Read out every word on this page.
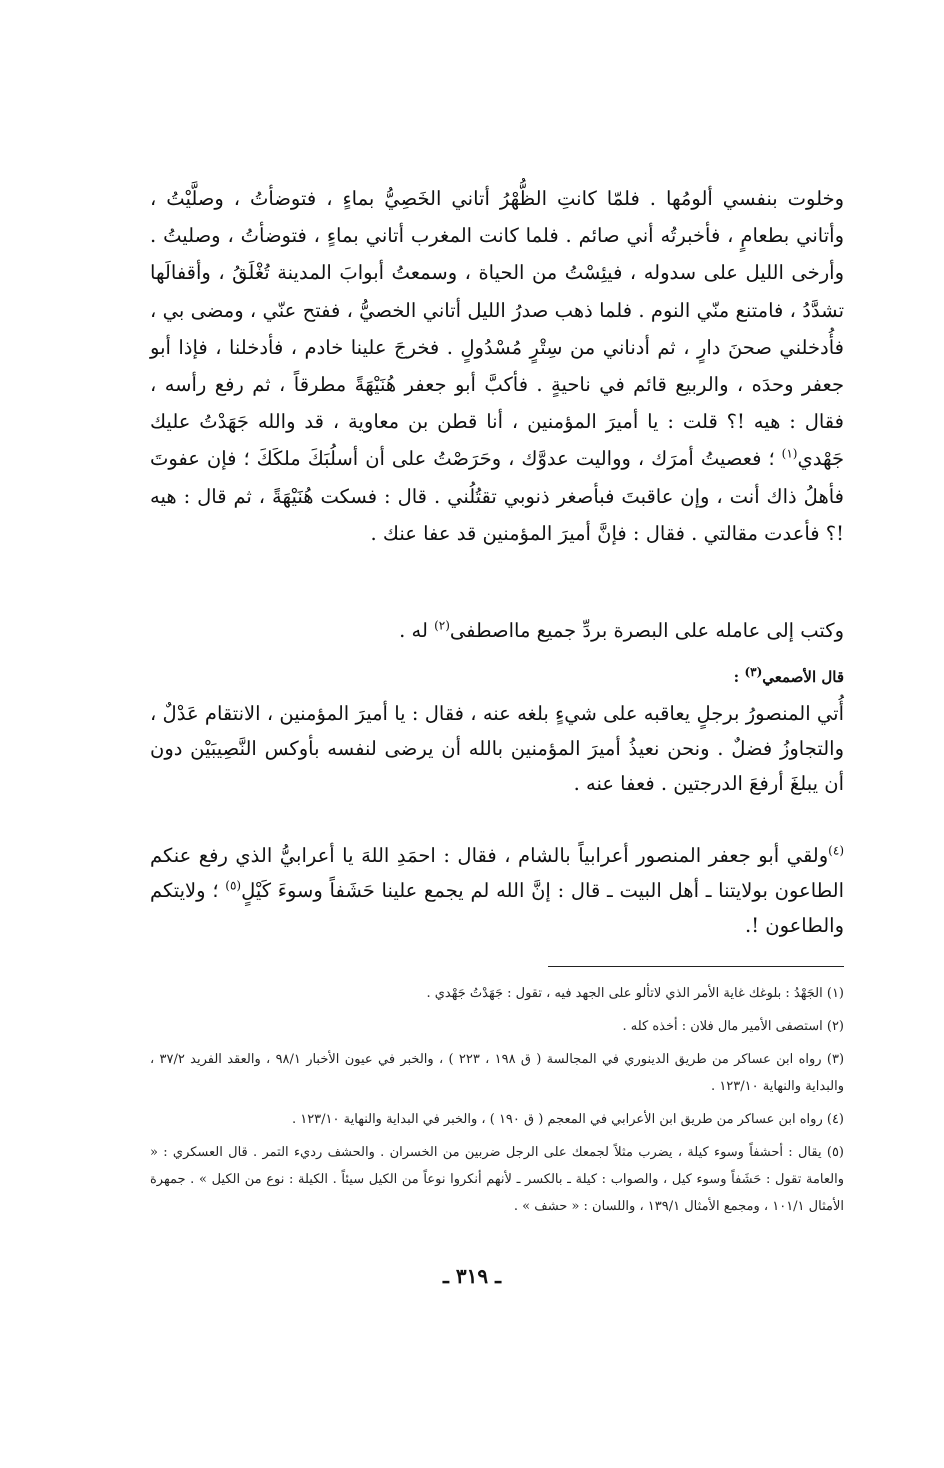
وخلوت بنفسي ألومُها . فلمّا كانتِ الظُّهْرُ أتاني الخَصِيُّ بماءٍ ، فتوضأتُ ، وصلَّيْتُ ، وأتاني بطعامٍ ، فأخبرتُه أني صائم . فلما كانت المغرب أتاني بماءٍ ، فتوضأتُ ، وصليتُ . وأرخى الليل على سدوله ، فيئِسْتُ من الحياة ، وسمعتُ أبوابَ المدينة تُغْلَقُ ، وأقفالَها تشدَّدُ ، فامتنع منّي النوم . فلما ذهب صدرُ الليل أتاني الخصيُّ ، ففتح عنّي ، ومضى بي ، فأُدخلني صحنَ دارٍ ، ثم أدناني من سِتْرٍ مُسْدُولٍ . فخرجَ علينا خادم ، فأدخلنا ، فإذا أبو جعفر وحدَه ، والربيع قائم في ناحيةٍ . فأكبَّ أبو جعفر هُنَيْهَةً مطرقاً ، ثم رفع رأسه ، فقال : هيه !؟ قلت : يا أميرَ المؤمنين ، أنا قطن بن معاوية ، قد والله جَهَدْتُ عليك جَهْدي$^{(١)}$ ؛ فعصيتُ أمرَك ، وواليت عدوَّك ، وحَرَصْتُ على أن أسلُبَكَ ملكَكَ ؛ فإن عفوتَ فأهلُ ذاك أنت ، وإن عاقبتَ فبأصغر ذنوبي تقتُلُني . قال : فسكت هُنَيْهَةً ، ثم قال : هيه !؟ فأعدت مقالتي . فقال : فإنَّ أميرَ المؤمنين قد عفا عنك .
وكتب إلى عامله على البصرة بردِّ جميع مااصطفى$^{(٢)}$ له .
قال الأصمعي$^{(٣)}$ :
أُتي المنصورُ برجلٍ يعاقبه على شيءٍ بلغه عنه ، فقال : يا أميرَ المؤمنين ، الانتقام عَدْلٌ ، والتجاوزُ فضلٌ . ونحن نعيذُ أميرَ المؤمنين بالله أن يرضى لنفسه بأوكس النَّصِيبَيْن دون أن يبلغَ أرفعَ الدرجتين . فعفا عنه .
$^{(٤)}$ولقي أبو جعفر المنصور أعرابياً بالشام ، فقال : احمَدِ اللهَ يا أعرابيُّ الذي رفع عنكم الطاعون بولايتنا ـ أهل البيت ـ قال : إنَّ الله لم يجمع علينا حَشَفاً وسوءَ كَيْلٍ$^{(٥)}$ ؛ ولايتكم والطاعون !.
(١) الجَهْدُ : بلوغك غاية الأمر الذي لاتألو على الجهد فيه ، تقول : جَهَدْتُ جَهْدي .
(٢) استصفى الأمير مال فلان : أخذه كله .
(٣) رواه ابن عساكر من طريق الدينوري في المجالسة ( ق ١٩٨ ، ٢٢٣ ) ، والخبر في عيون الأخبار ٩٨/١ ، والعقد الفريد ٣٧/٢ ، والبداية والنهاية ١٢٣/١٠ .
(٤) رواه ابن عساكر من طريق ابن الأعرابي في المعجم ( ق ١٩٠ ) ، والخبر في البداية والنهاية ١٢٣/١٠ .
(٥) يقال : أحشفاً وسوء كيلة ، يضرب مثلاً لجمعك على الرجل ضربين من الخسران . والحشف رديء التمر . قال العسكري : « والعامة تقول : حَشَفاً وسوء كيل ، والصواب : كيلة ـ بالكسر ـ لأنهم أنكروا نوعاً من الكيل سيئاً . الكيلة : نوع من الكيل » . جمهرة الأمثال ١٠١/١ ، ومجمع الأمثال ١٣٩/١ ، واللسان : « حشف » .
ـ ٣١٩ ـ
